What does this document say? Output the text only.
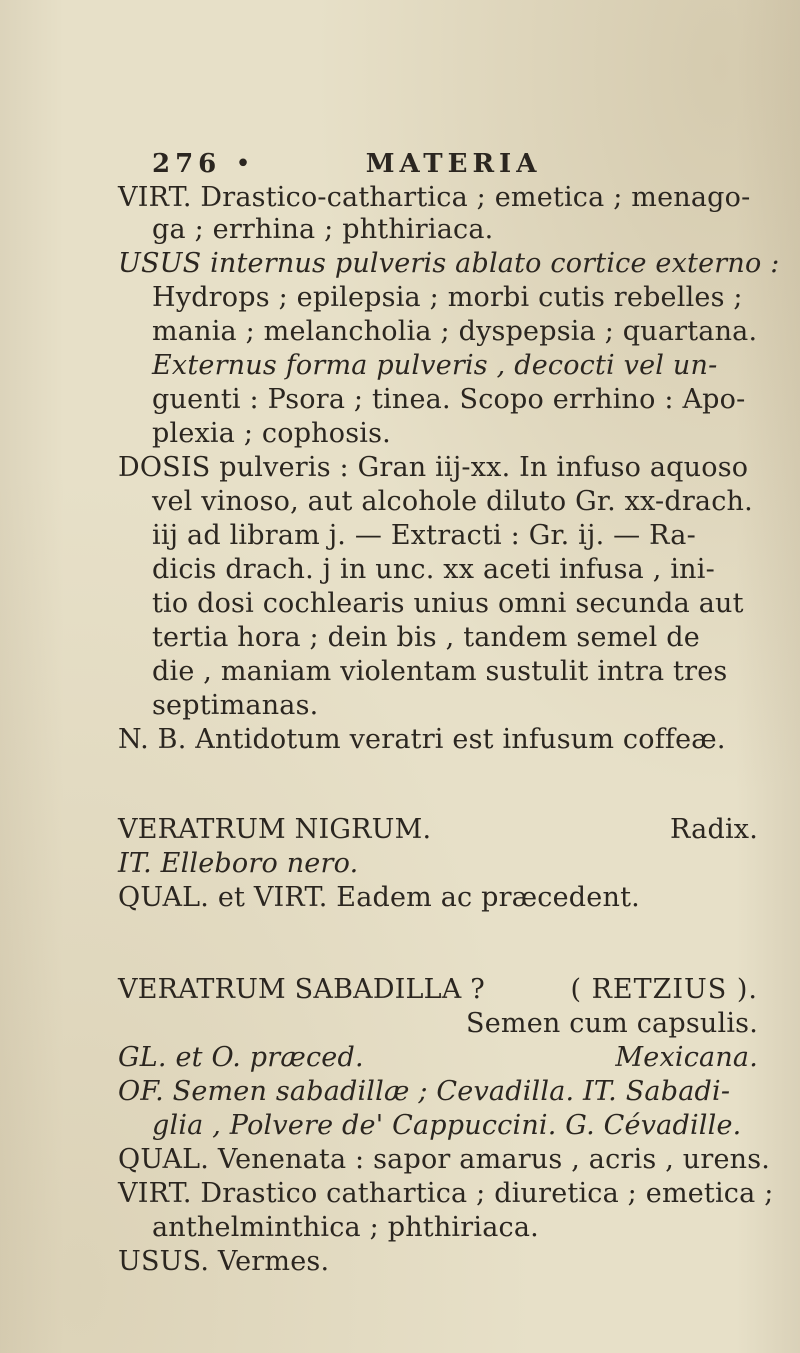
276 •	MATERIA
VIRT. Drastico-cathartica ; emetica ; menago-
ga ; errhina ; phthiriaca.
USUS internus pulveris ablato cortice externo :
Hydrops ; epilepsia ; morbi cutis rebelles ;
mania ; melancholia ; dyspepsia ; quartana.
Externus forma pulveris , decocti vel un-
guenti : Psora ; tinea. Scopo errhino : Apo-
plexia ; cophosis.
DOSIS pulveris : Gran iij-xx. In infuso aquoso
vel vinoso, aut alcohole diluto Gr. xx-drach.
iij ad libram j. — Extracti : Gr. ij. — Ra-
dicis drach. j in unc. xx aceti infusa , ini-
tio dosi cochlearis unius omni secunda aut
tertia hora ; dein bis , tandem semel de
die , maniam violentam sustulit intra tres
septimanas.
N. B. Antidotum veratri est infusum coffeæ.
VERATRUM NIGRUM.	Radix.
IT. Elleboro nero.
QUAL. et VIRT. Eadem ac præcedent.
VERATRUM SABADILLA ?	( RETZIUS ).
Semen cum capsulis.
GL. et O. præced.	Mexicana.
OF. Semen sabadillæ ; Cevadilla. IT. Sabadi-
glia , Polvere de' Cappuccini. G. Cévadille.
QUAL. Venenata : sapor amarus , acris , urens.
VIRT. Drastico cathartica ; diuretica ; emetica ;
anthelminthica ; phthiriaca.
USUS. Vermes.
